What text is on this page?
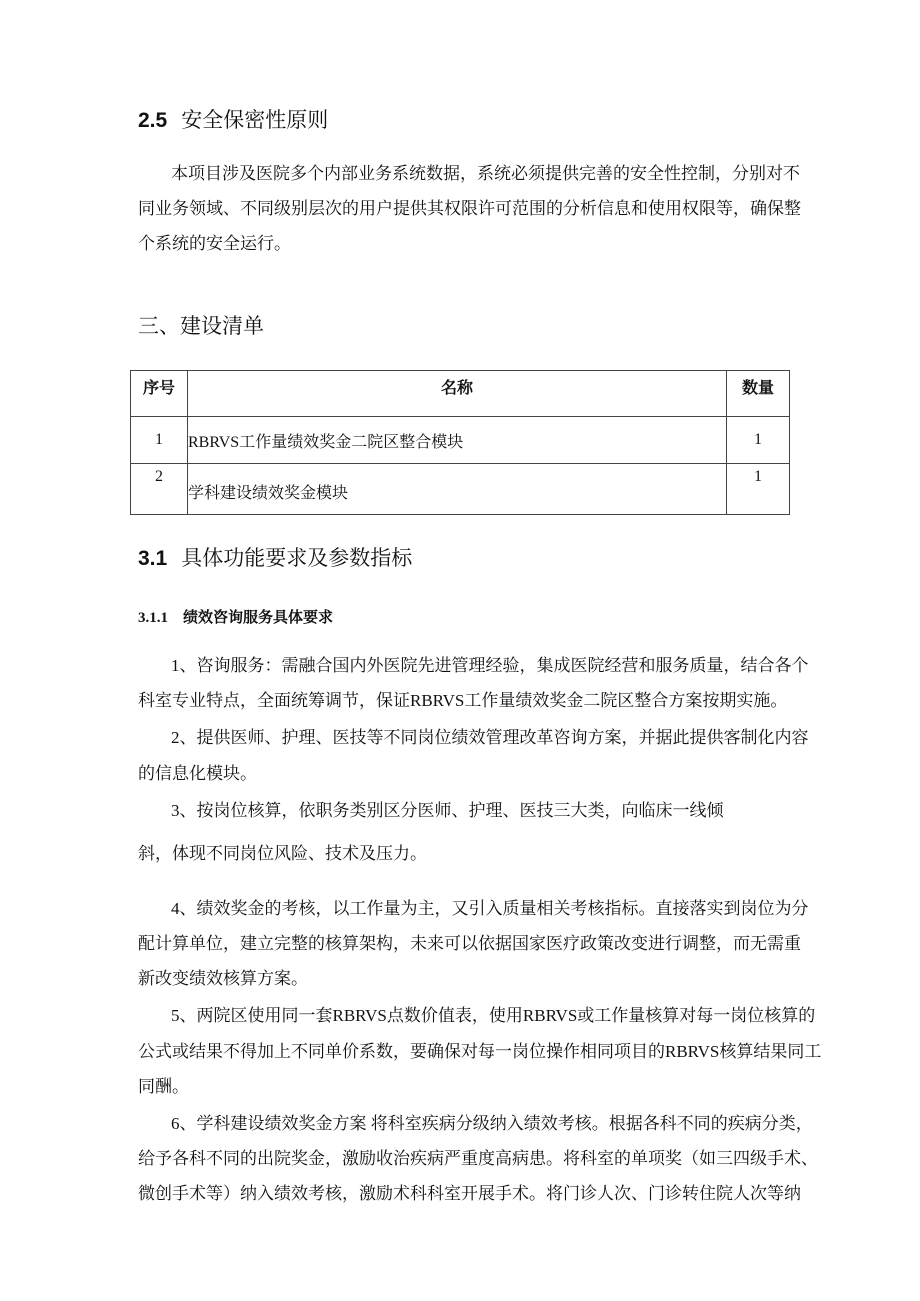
2.5 安全保密性原则
本项目涉及医院多个内部业务系统数据，系统必须提供完善的安全性控制，分别对不
同业务领域、不同级别层次的用户提供其权限许可范围的分析信息和使用权限等，确保整
个系统的安全运行。
三、建设清单
序号	名称	数量
1	RBRVS工作量绩效奖金二院区整合模块	1
2	学科建设绩效奖金模块	1
3.1 具体功能要求及参数指标
3.1.1    绩效咨询服务具体要求
1、咨询服务：需融合国内外医院先进管理经验，集成医院经营和服务质量，结合各个
科室专业特点，全面统筹调节，保证RBRVS工作量绩效奖金二院区整合方案按期实施。
2、提供医师、护理、医技等不同岗位绩效管理改革咨询方案，并据此提供客制化内容
的信息化模块。
3、按岗位核算，依职务类别区分医师、护理、医技三大类，向临床一线倾
斜，体现不同岗位风险、技术及压力。
4、绩效奖金的考核，以工作量为主，又引入质量相关考核指标。直接落实到岗位为分
配计算单位，建立完整的核算架构，未来可以依据国家医疗政策改变进行调整，而无需重
新改变绩效核算方案。
5、两院区使用同一套RBRVS点数价值表，使用RBRVS或工作量核算对每一岗位核算的
公式或结果不得加上不同单价系数，要确保对每一岗位操作相同项目的RBRVS核算结果同工
同酬。
6、学科建设绩效奖金方案 将科室疾病分级纳入绩效考核。根据各科不同的疾病分类，
给予各科不同的出院奖金，激励收治疾病严重度高病患。将科室的单项奖（如三四级手术、
微创手术等）纳入绩效考核，激励术科科室开展手术。将门诊人次、门诊转住院人次等纳
